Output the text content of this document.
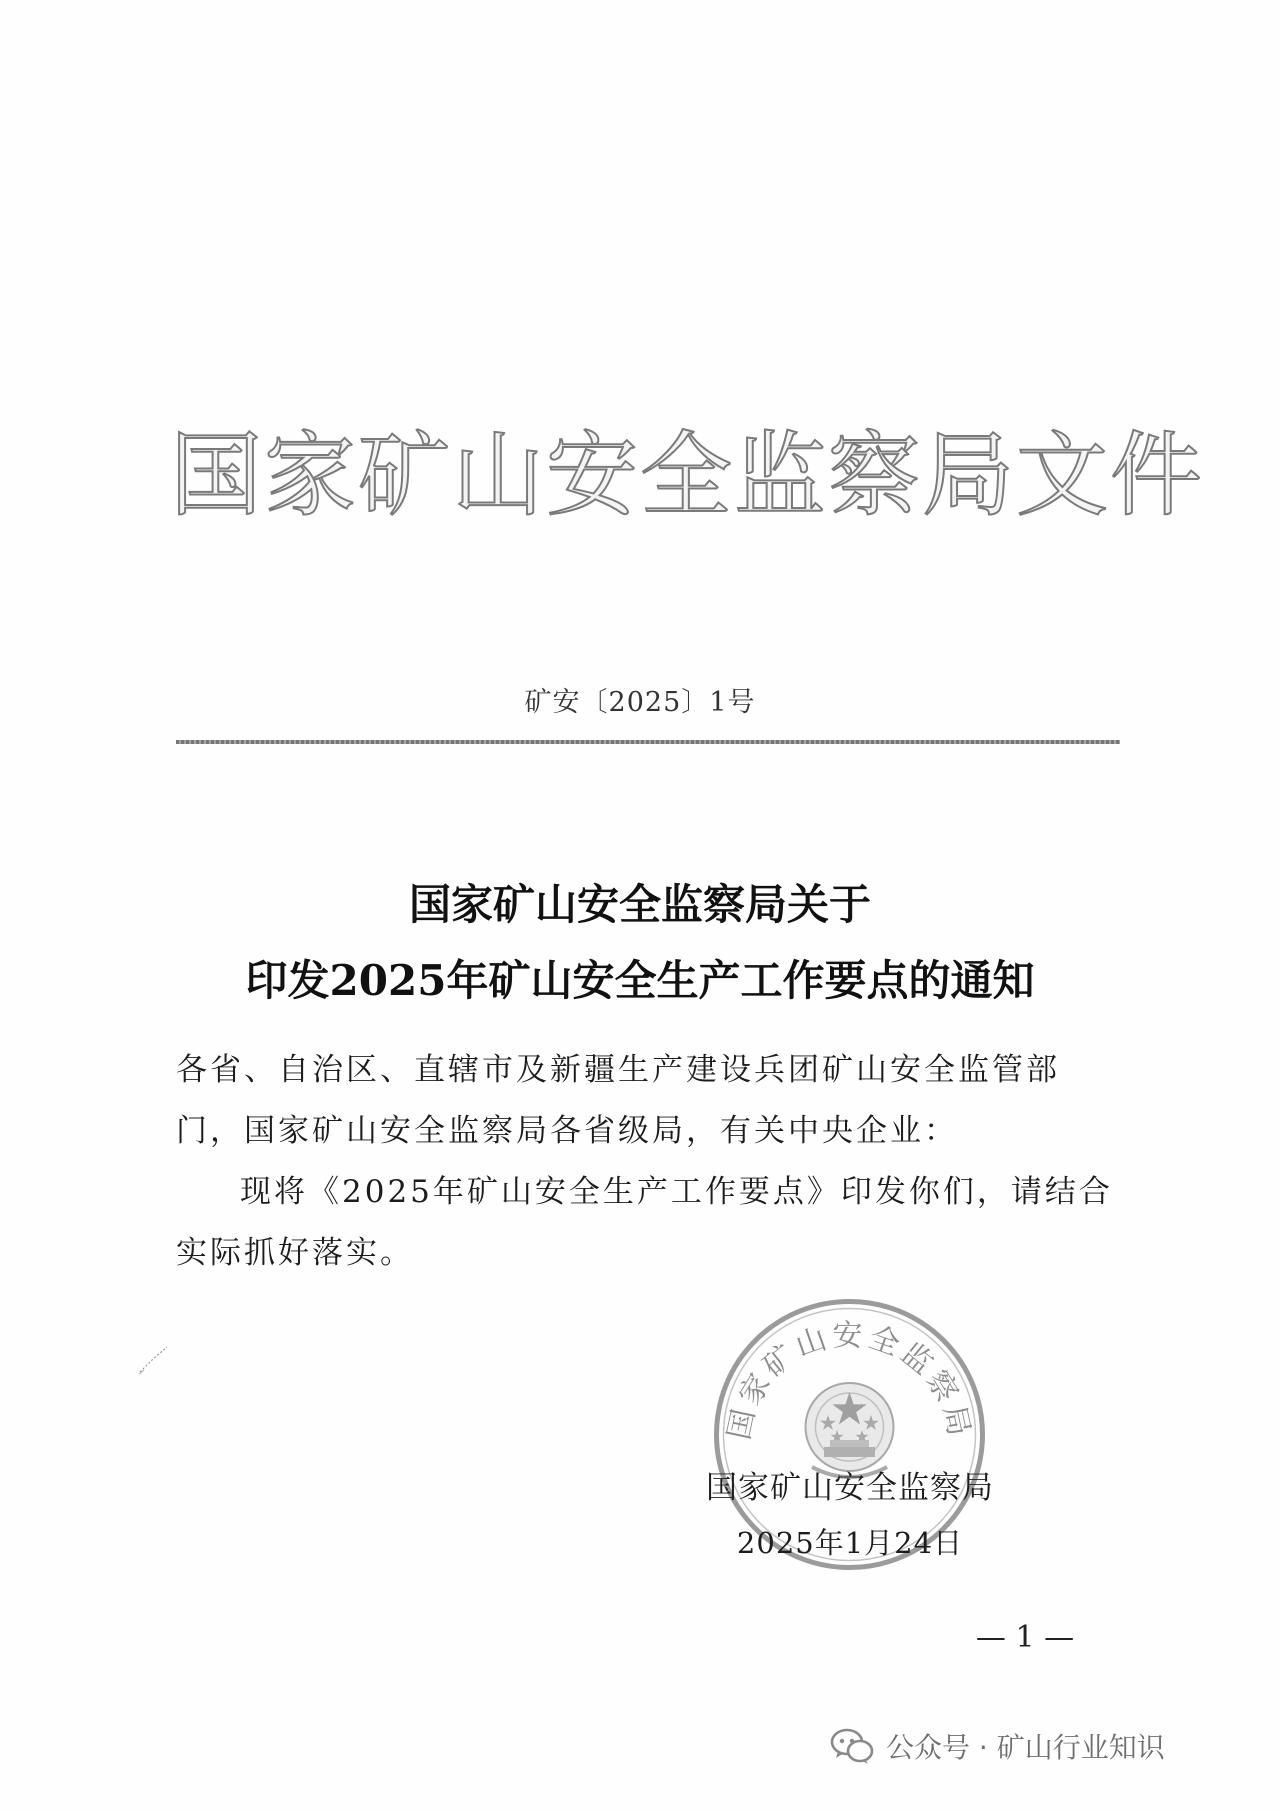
国家矿山安全监察局文件
矿安〔2025〕1号
国家矿山安全监察局关于
印发2025年矿山安全生产工作要点的通知
各省、自治区、直辖市及新疆生产建设兵团矿山安全监管部门，国家矿山安全监察局各省级局，有关中央企业：
现将《2025年矿山安全生产工作要点》印发你们，请结合实际抓好落实。
国家矿山安全监察局
国家矿山安全监察局
2025年1月24日
— 1 —
公众号 · 矿山行业知识
